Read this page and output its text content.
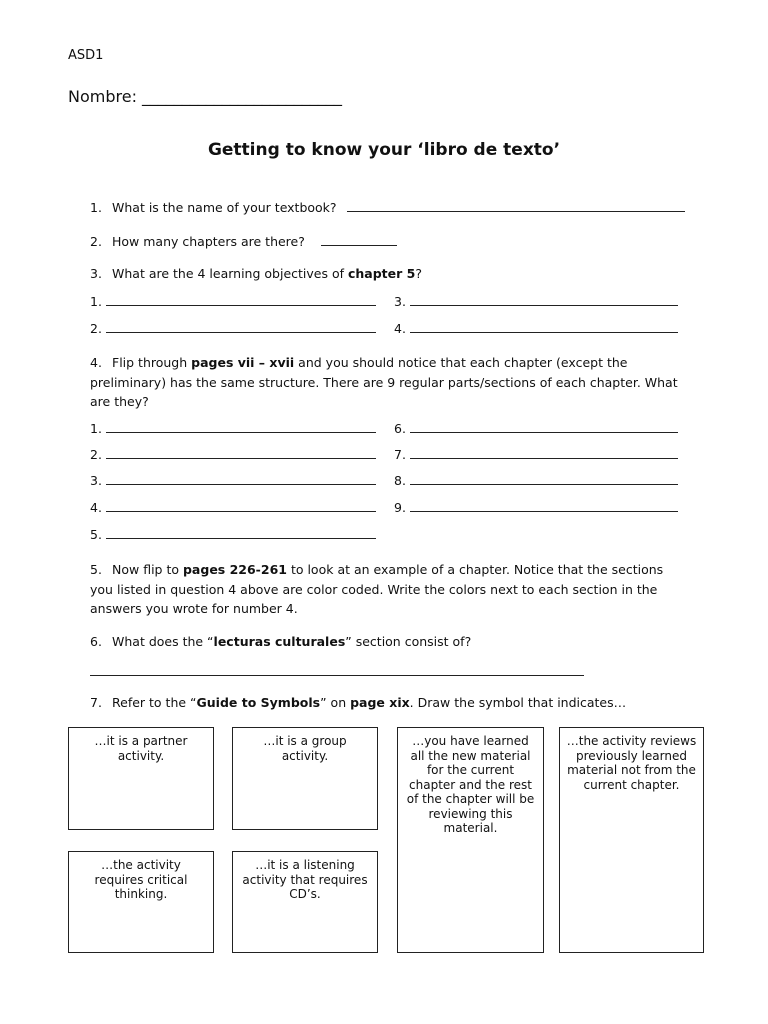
ASD1
Nombre: _________________________
Getting to know your ‘libro de texto’
1. What is the name of your textbook?
2. How many chapters are there?
3. What are the 4 learning objectives of chapter 5?
1.
2.
3.
4.
4. Flip through pages vii – xvii and you should notice that each chapter (except the preliminary) has the same structure. There are 9 regular parts/sections of each chapter. What are they?
1.
2.
3.
4.
5.
6.
7.
8.
9.
5. Now flip to pages 226-261 to look at an example of a chapter. Notice that the sections you listed in question 4 above are color coded. Write the colors next to each section in the answers you wrote for number 4.
6. What does the “lecturas culturales” section consist of?
7. Refer to the “Guide to Symbols” on page xix. Draw the symbol that indicates…
…it is a partner activity.
…it is a group activity.
…you have learned all the new material for the current chapter and the rest of the chapter will be reviewing this material.
…the activity reviews previously learned material not from the current chapter.
…the activity requires critical thinking.
…it is a listening activity that requires CD’s.
